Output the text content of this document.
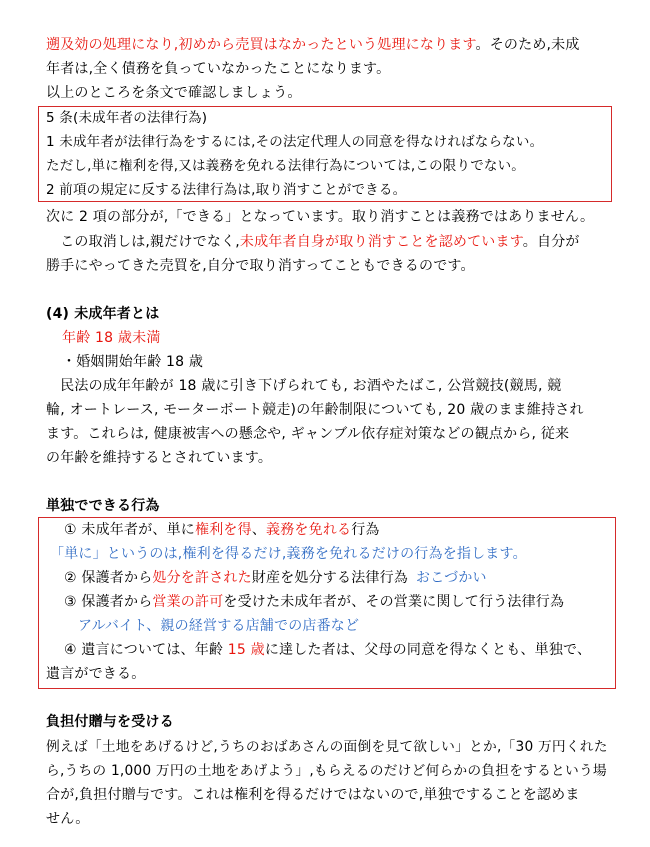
遡及効の処理になり,初めから売買はなかったという処理になります。そのため,未成
年者は,全く債務を負っていなかったことになります。
以上のところを条文で確認しましょう。
5 条(未成年者の法律行為)
1 未成年者が法律行為をするには,その法定代理人の同意を得なければならない。
ただし,単に権利を得,又は義務を免れる法律行為については,この限りでない。
2 前項の規定に反する法律行為は,取り消すことができる。
次に 2 項の部分が,「できる」となっています。取り消すことは義務ではありません。
　この取消しは,親だけでなく,未成年者自身が取り消すことを認めています。自分が
勝手にやってきた売買を,自分で取り消すってこともできるのです。
(4) 未成年者とは
年齢 18 歳未満
・婚姻開始年齢 18 歳
　民法の成年年齢が 18 歳に引き下げられても, お酒やたばこ, 公営競技(競馬, 競
輪, オートレース, モーターボート競走)の年齢制限についても, 20 歳のまま維持され
ます。これらは, 健康被害への懸念や, ギャンブル依存症対策などの観点から, 従来
の年齢を維持するとされています。
単独でできる行為
① 未成年者が、単に権利を得、義務を免れる行為
「単に」というのは,権利を得るだけ,義務を免れるだけの行為を指します。
② 保護者から処分を許された財産を処分する法律行為 おこづかい
③ 保護者から営業の許可を受けた未成年者が、その営業に関して行う法律行為
アルバイト、親の経営する店舗での店番など
④ 遺言については、年齢 15 歳に達した者は、父母の同意を得なくとも、単独で、
遺言ができる。
負担付贈与を受ける
例えば「土地をあげるけど,うちのおばあさんの面倒を見て欲しい」とか,「30 万円くれた
ら,うちの 1,000 万円の土地をあげよう」,もらえるのだけど何らかの負担をするという場
合が,負担付贈与です。これは権利を得るだけではないので,単独ですることを認めま
せん。
